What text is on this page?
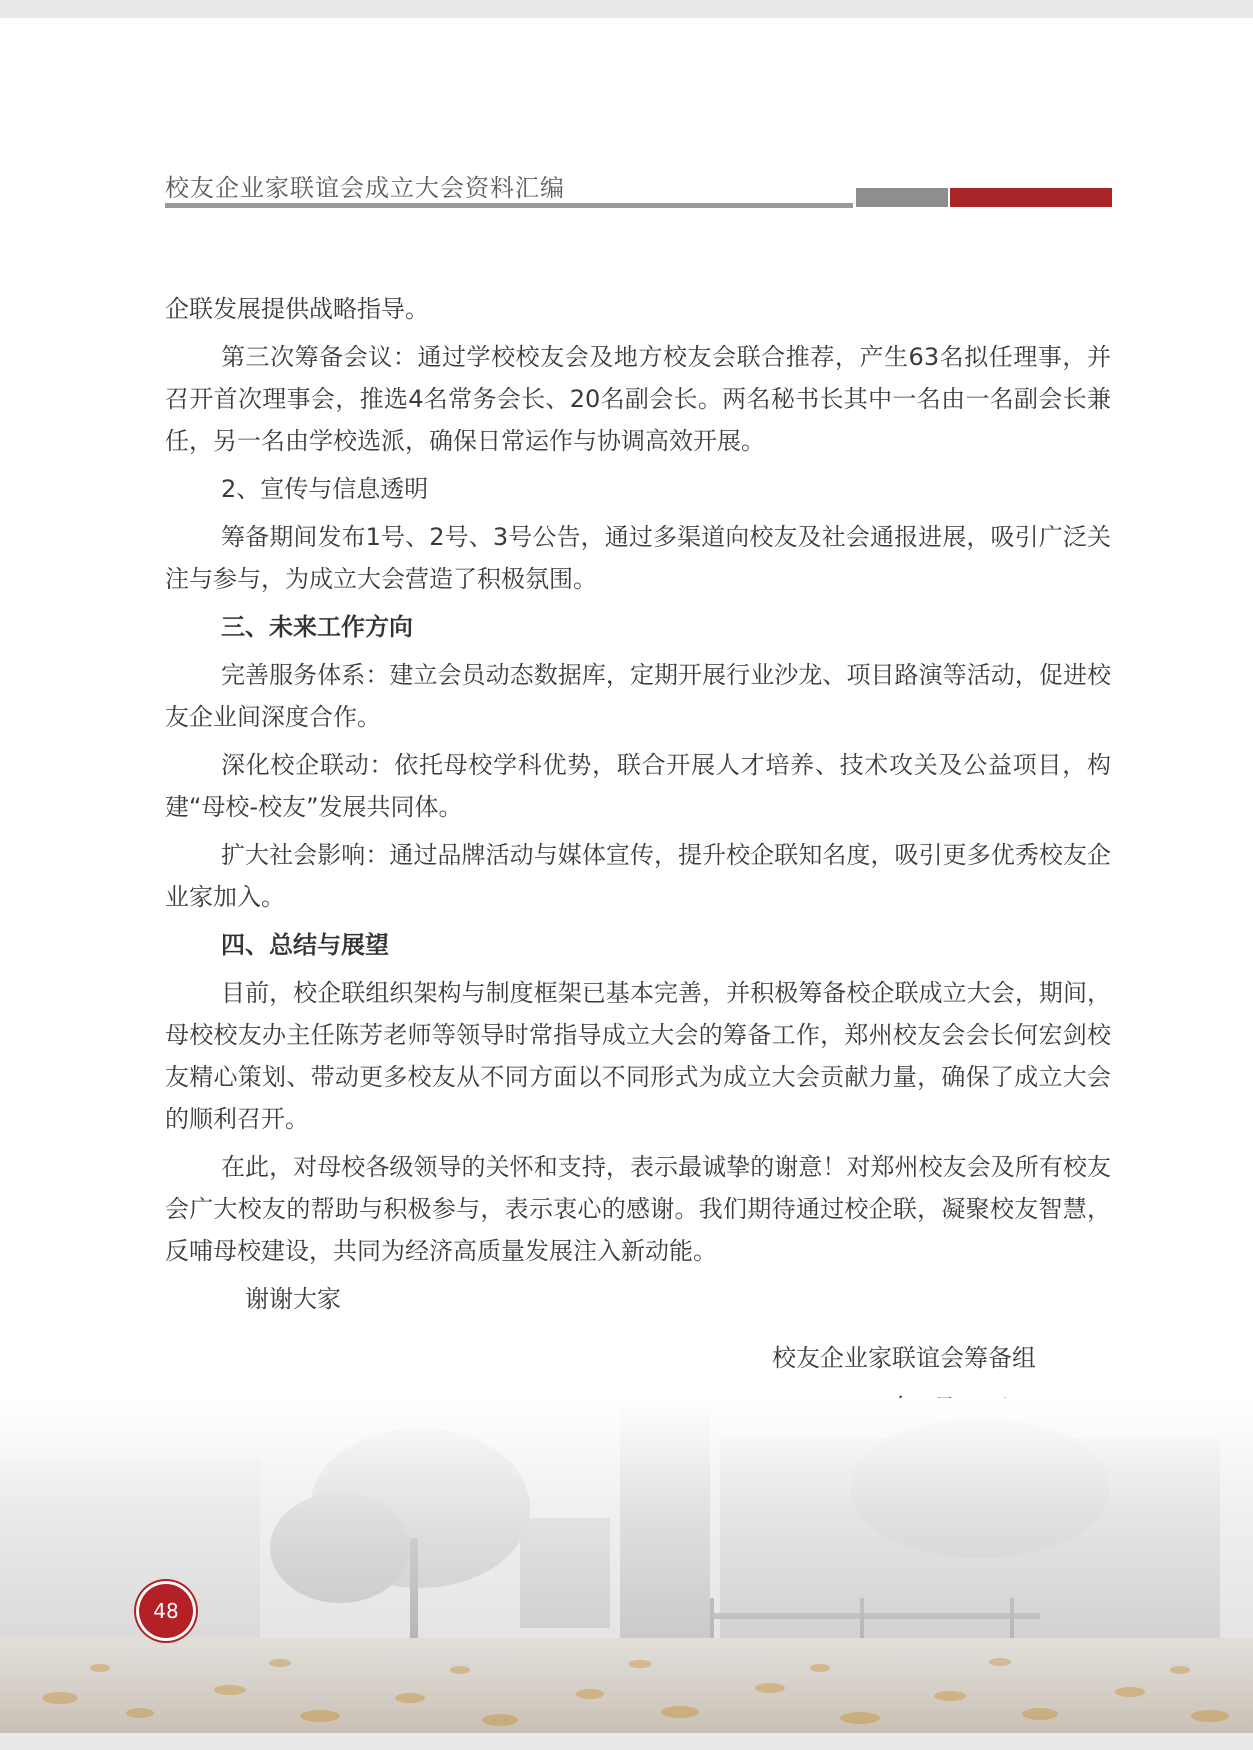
校友企业家联谊会成立大会资料汇编

企联发展提供战略指导。

第三次筹备会议：通过学校校友会及地方校友会联合推荐，产生63名拟任理事，并召开首次理事会，推选4名常务会长、20名副会长。两名秘书长其中一名由一名副会长兼任，另一名由学校选派，确保日常运作与协调高效开展。

2、宣传与信息透明

筹备期间发布1号、2号、3号公告，通过多渠道向校友及社会通报进展，吸引广泛关注与参与，为成立大会营造了积极氛围。

三、未来工作方向

完善服务体系：建立会员动态数据库，定期开展行业沙龙、项目路演等活动，促进校友企业间深度合作。

深化校企联动：依托母校学科优势，联合开展人才培养、技术攻关及公益项目，构建“母校-校友”发展共同体。

扩大社会影响：通过品牌活动与媒体宣传，提升校企联知名度，吸引更多优秀校友企业家加入。

四、总结与展望

目前，校企联组织架构与制度框架已基本完善，并积极筹备校企联成立大会，期间，母校校友办主任陈芳老师等领导时常指导成立大会的筹备工作，郑州校友会会长何宏剑校友精心策划、带动更多校友从不同方面以不同形式为成立大会贡献力量，确保了成立大会的顺利召开。

在此，对母校各级领导的关怀和支持，表示最诚挚的谢意！对郑州校友会及所有校友会广大校友的帮助与积极参与，表示衷心的感谢。我们期待通过校企联，凝聚校友智慧，反哺母校建设，共同为经济高质量发展注入新动能。

谢谢大家

校友企业家联谊会筹备组
48
